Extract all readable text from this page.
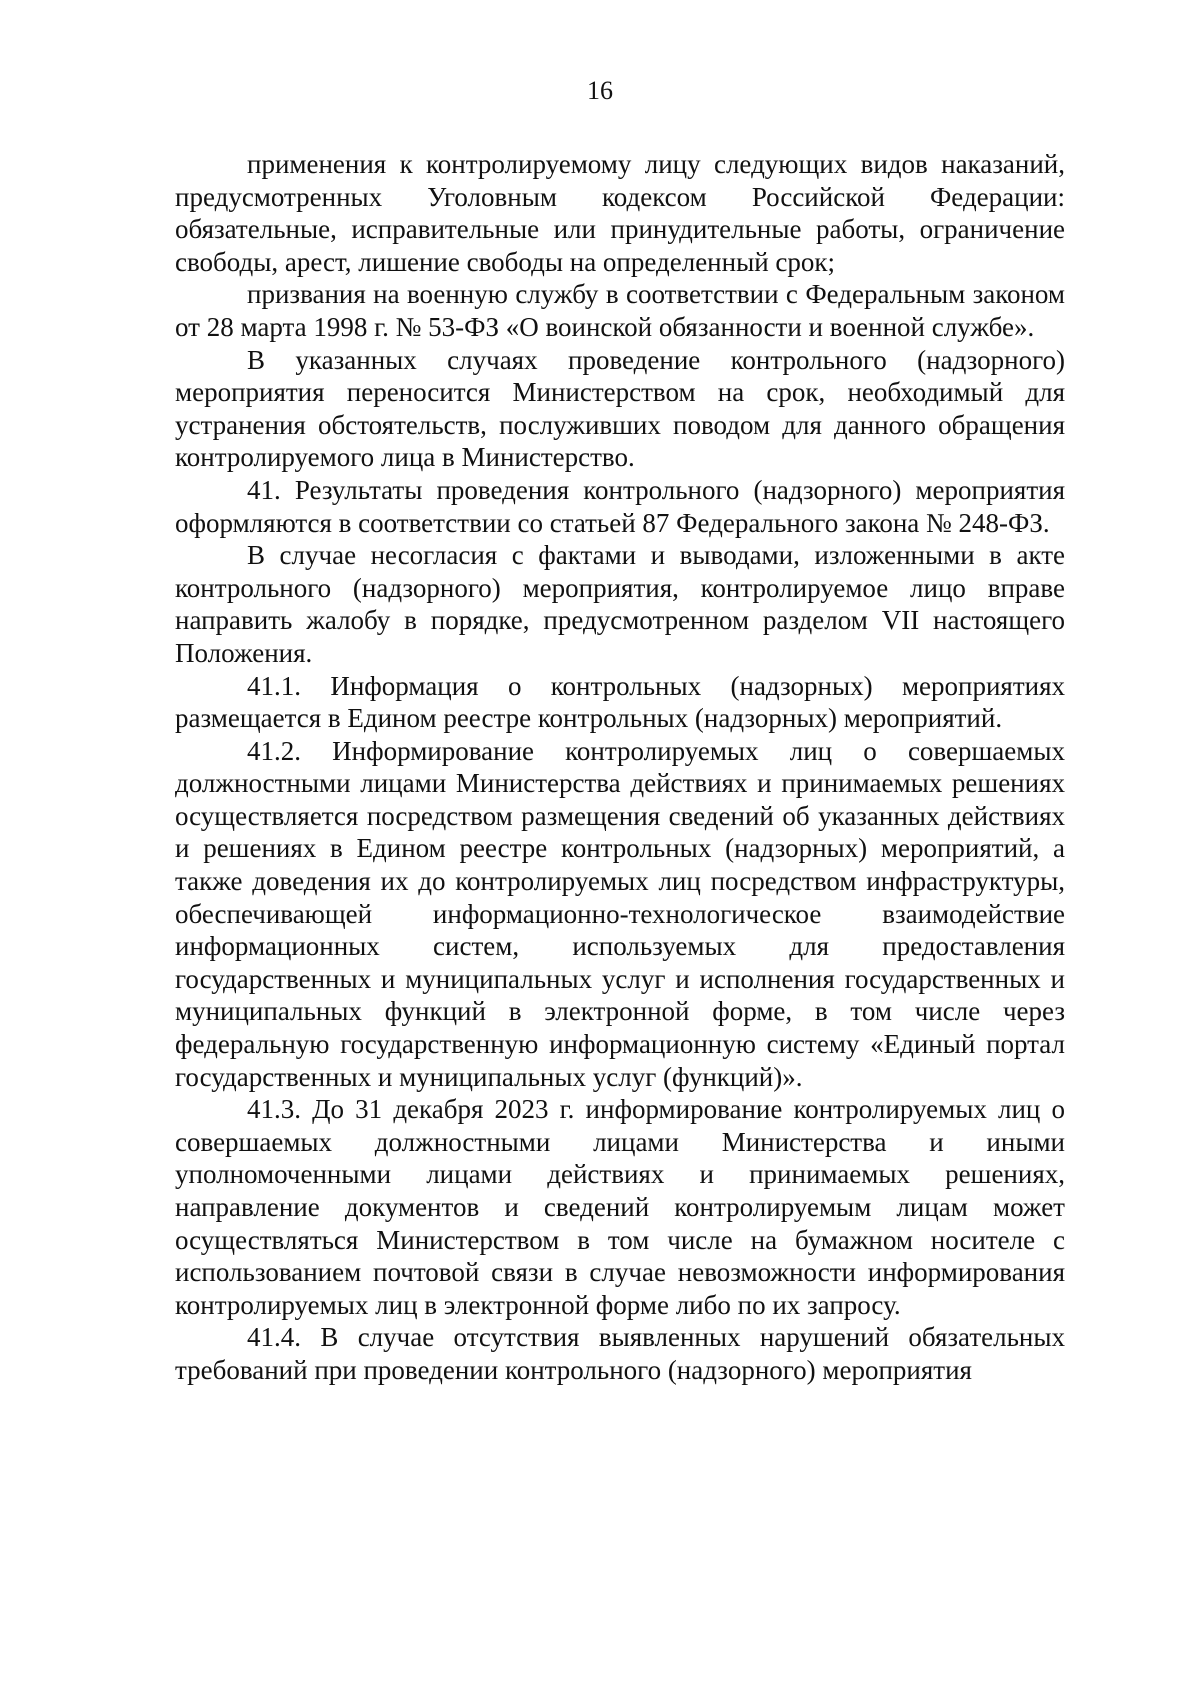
16

применения к контролируемому лицу следующих видов наказаний, предусмотренных Уголовным кодексом Российской Федерации: обязательные, исправительные или принудительные работы, ограничение свободы, арест, лишение свободы на определенный срок;

призвания на военную службу в соответствии с Федеральным законом от 28 марта 1998 г. № 53-ФЗ «О воинской обязанности и военной службе».

В указанных случаях проведение контрольного (надзорного) мероприятия переносится Министерством на срок, необходимый для устранения обстоятельств, послуживших поводом для данного обращения контролируемого лица в Министерство.

41. Результаты проведения контрольного (надзорного) мероприятия оформляются в соответствии со статьей 87 Федерального закона № 248-ФЗ.

В случае несогласия с фактами и выводами, изложенными в акте контрольного (надзорного) мероприятия, контролируемое лицо вправе направить жалобу в порядке, предусмотренном разделом VII настоящего Положения.

41.1. Информация о контрольных (надзорных) мероприятиях размещается в Едином реестре контрольных (надзорных) мероприятий.

41.2. Информирование контролируемых лиц о совершаемых должностными лицами Министерства действиях и принимаемых решениях осуществляется посредством размещения сведений об указанных действиях и решениях в Едином реестре контрольных (надзорных) мероприятий, а также доведения их до контролируемых лиц посредством инфраструктуры, обеспечивающей информационно-технологическое взаимодействие информационных систем, используемых для предоставления государственных и муниципальных услуг и исполнения государственных и муниципальных функций в электронной форме, в том числе через федеральную государственную информационную систему «Единый портал государственных и муниципальных услуг (функций)».

41.3. До 31 декабря 2023 г. информирование контролируемых лиц о совершаемых должностными лицами Министерства и иными уполномоченными лицами действиях и принимаемых решениях, направление документов и сведений контролируемым лицам может осуществляться Министерством в том числе на бумажном носителе с использованием почтовой связи в случае невозможности информирования контролируемых лиц в электронной форме либо по их запросу.

41.4. В случае отсутствия выявленных нарушений обязательных требований при проведении контрольного (надзорного) мероприятия
